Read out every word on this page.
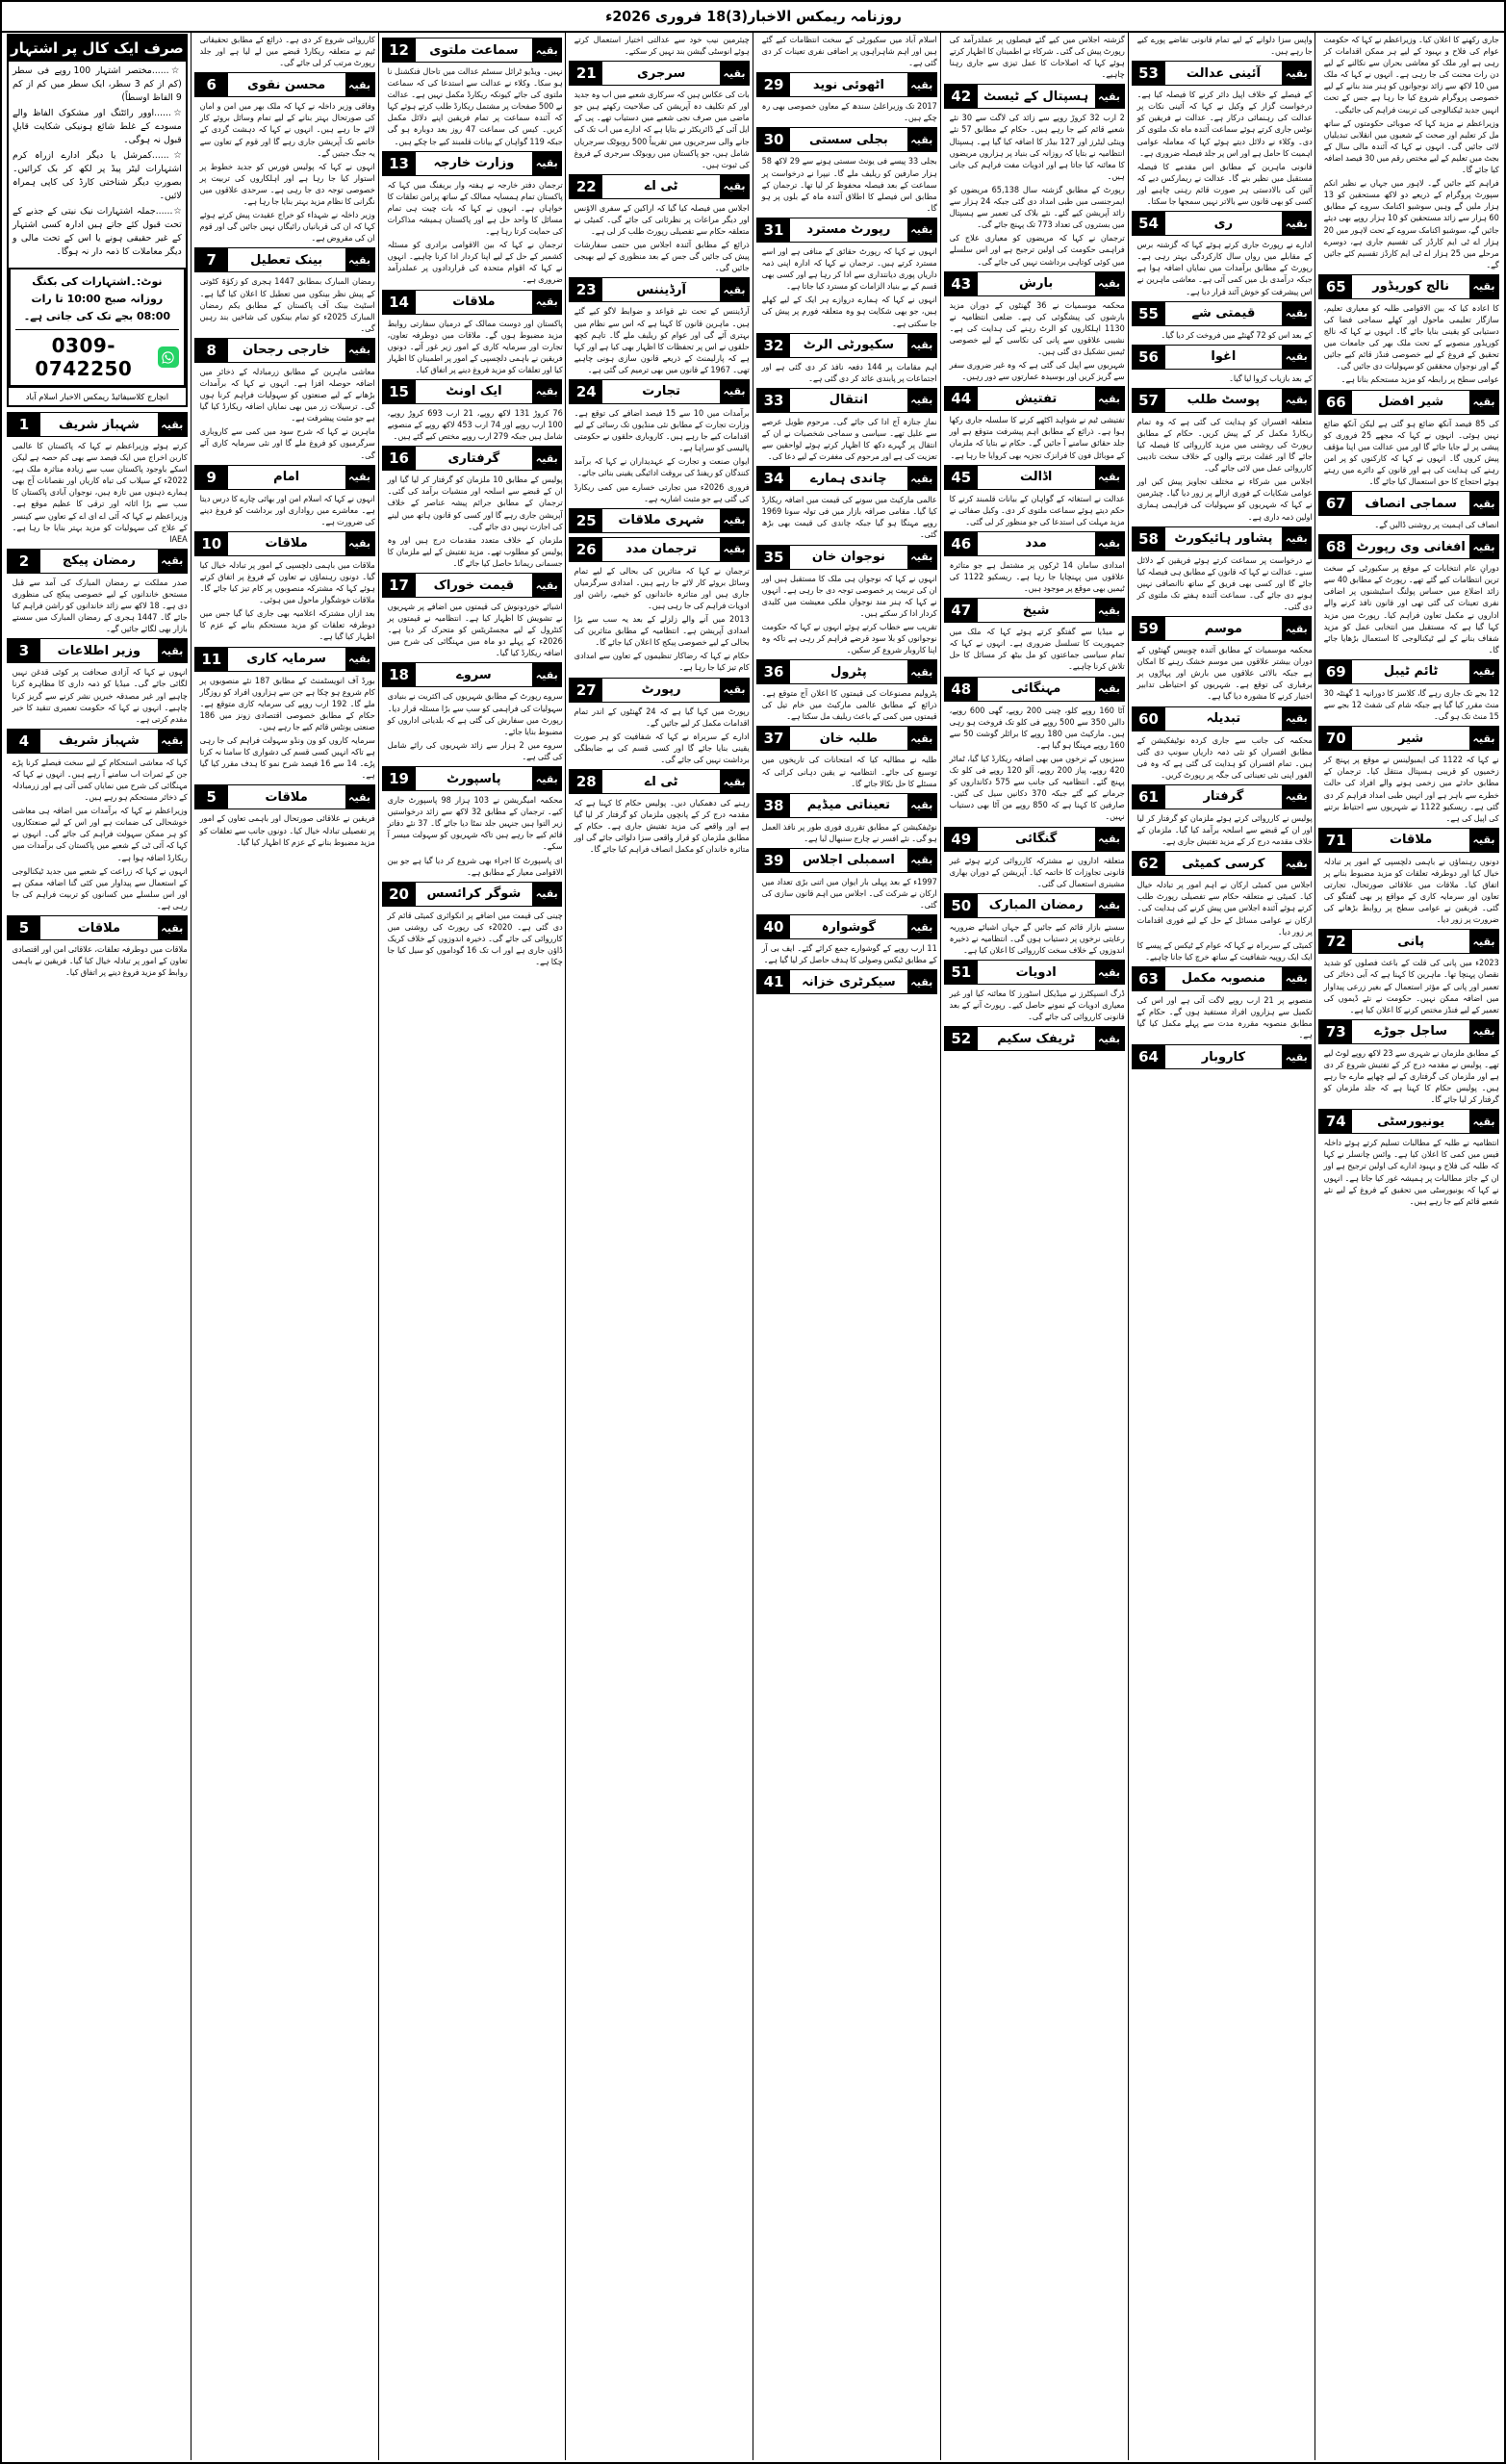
روزنامہ ریمکس الاخبار(3)18 فروری 2026ء

جاری رکھنے کا اعلان کیا۔ وزیراعظم نے کہا کہ حکومت عوام کی فلاح و بہبود کے لیے ہر ممکن اقدامات کر رہی ہے اور ملک کو معاشی بحران سے نکالنے کے لیے دن رات محنت کی جا رہی ہے۔ انہوں نے کہا کہ ملک میں 10 لاکھ سے زائد نوجوانوں کو ہنر مند بنانے کے لیے خصوصی پروگرام شروع کیا جا رہا ہے جس کے تحت انہیں جدید ٹیکنالوجی کی تربیت فراہم کی جائیگی۔

وزیراعظم نے مزید کہا کہ صوبائی حکومتوں کے ساتھ مل کر تعلیم اور صحت کے شعبوں میں انقلابی تبدیلیاں لائی جائیں گی۔ انہوں نے کہا کہ آئندہ مالی سال کے بجٹ میں تعلیم کے لیے مختص رقم میں 30 فیصد اضافہ کیا جائے گا۔

فراہم کئے جائیں گے۔ لاہور میں جہاں بے نظیر انکم سپورٹ پروگرام کے ذریعے دو لاکھ مستحقین کو 13 ہزار ملیں گے وہیں سوشیو اکنامک سروے کے مطابق 60 ہزار سے زائد مستحقین کو 10 ہزار روپے بھی دیئے جائیں گے، سوشیو اکنامک سروے کے تحت لاہور میں 20 ہزار اے ٹی ایم کارڈز کی تقسیم جاری ہے، دوسرے مرحلے میں 25 ہزار اے ٹی ایم کارڈز تقسیم کئے جائیں گے۔

بقیہ
نالج کوریڈور
65

کا اعادہ کیا کہ بین الاقوامی طلبہ کو معیاری تعلیم، سازگار تعلیمی ماحول اور کھلے سماجی فضا کی دستیابی کو یقینی بنایا جائے گا۔ انہوں نے کہا کہ نالج کوریڈور منصوبے کے تحت ملک بھر کی جامعات میں تحقیق کے فروغ کے لیے خصوصی فنڈز قائم کیے جائیں گے اور نوجوان محققین کو سہولیات دی جائیں گی۔

عوامی سطح پر رابطہ کو مزید مستحکم بنانا ہے۔

بقیہ
شیر افضل
66

کی 85 فیصد آنکھ ضائع ہو گئی ہے لیکن آنکھ ضائع نہیں ہوئی۔ انہوں نے کہا کہ مجھے 25 فروری کو پیشی پر لے جایا جائے گا اور میں عدالت میں اپنا مؤقف پیش کروں گا۔ انہوں نے کہا کہ کارکنوں کو پر امن رہنے کی ہدایت کی ہے اور قانون کے دائرے میں رہتے ہوئے احتجاج کا حق استعمال کیا جائے گا۔

بقیہ
سماجی انصاف
67

انصاف کی اہمیت پر روشنی ڈالیں گے۔

بقیہ
افغانی وی رپورٹ
68

دورانِ عام انتخابات کے موقع پر سکیورٹی کے سخت ترین انتظامات کیے گئے تھے۔ رپورٹ کے مطابق 40 سے زائد اضلاع میں حساس پولنگ اسٹیشنوں پر اضافی نفری تعینات کی گئی تھی اور قانون نافذ کرنے والے اداروں نے مکمل تعاون فراہم کیا۔ رپورٹ میں مزید کہا گیا ہے کہ مستقبل میں انتخابی عمل کو مزید شفاف بنانے کے لیے ٹیکنالوجی کا استعمال بڑھایا جائے گا۔

بقیہ
ٹائم ٹیبل
69

12 بجے تک جاری رہے گا، کلاسز کا دورانیہ 1 گھنٹہ 30 منٹ مقرر کیا گیا ہے جبکہ شام کی شفٹ 12 بجے سے 15 منٹ تک ہو گی۔

بقیہ
شیر
70

نے کہا کہ 1122 کی ایمبولینس نے موقع پر پہنچ کر زخمیوں کو قریبی ہسپتال منتقل کیا۔ ترجمان کے مطابق حادثے میں زخمی ہونے والے افراد کی حالت خطرے سے باہر ہے اور انہیں طبی امداد فراہم کر دی گئی ہے۔ ریسکیو 1122 نے شہریوں سے احتیاط برتنے کی اپیل کی ہے۔

بقیہ
ملاقات
71

دونوں رہنماؤں نے باہمی دلچسپی کے امور پر تبادلہ خیال کیا اور دوطرفہ تعلقات کو مزید مضبوط بنانے پر اتفاق کیا۔ ملاقات میں علاقائی صورتحال، تجارتی تعاون اور سرمایہ کاری کے مواقع پر بھی گفتگو کی گئی۔ فریقین نے عوامی سطح پر روابط بڑھانے کی ضرورت پر زور دیا۔

بقیہ
پانی
72

2023ء میں پانی کی قلت کے باعث فصلوں کو شدید نقصان پہنچا تھا۔ ماہرین کا کہنا ہے کہ آبی ذخائر کی تعمیر اور پانی کے مؤثر استعمال کے بغیر زرعی پیداوار میں اضافہ ممکن نہیں۔ حکومت نے نئے ڈیموں کی تعمیر کے لیے فنڈز مختص کرنے کا اعلان کیا ہے۔

بقیہ
ساجل جوڑے
73

کے مطابق ملزمان نے شہری سے 23 لاکھ روپے لوٹ لیے تھے۔ پولیس نے مقدمہ درج کر کے تفتیش شروع کر دی ہے اور ملزمان کی گرفتاری کے لیے چھاپے مارے جا رہے ہیں۔ پولیس حکام کا کہنا ہے کہ جلد ملزمان کو گرفتار کر لیا جائے گا۔

بقیہ
یونیورسٹی
74

انتظامیہ نے طلبہ کے مطالبات تسلیم کرتے ہوئے داخلہ فیس میں کمی کا اعلان کیا ہے۔ وائس چانسلر نے کہا کہ طلبہ کی فلاح و بہبود ادارے کی اولین ترجیح ہے اور ان کے جائز مطالبات پر ہمیشہ غور کیا جاتا ہے۔ انہوں نے کہا کہ یونیورسٹی میں تحقیق کے فروغ کے لیے نئے شعبے قائم کیے جا رہے ہیں۔

واپس سزا دلوانے کے لیے تمام قانونی تقاضے پورے کیے جا رہے ہیں۔

بقیہ
آئینی عدالت
53

کے فیصلے کے خلاف اپیل دائر کرنے کا فیصلہ کیا ہے۔ درخواست گزار کے وکیل نے کہا کہ آئینی نکات پر عدالت کی رہنمائی درکار ہے۔ عدالت نے فریقین کو نوٹس جاری کرتے ہوئے سماعت آئندہ ماہ تک ملتوی کر دی۔ وکلاء نے دلائل دیتے ہوئے کہا کہ معاملہ عوامی اہمیت کا حامل ہے اور اس پر جلد فیصلہ ضروری ہے۔

قانونی ماہرین کے مطابق اس مقدمے کا فیصلہ مستقبل میں نظیر بنے گا۔ عدالت نے ریمارکس دیے کہ آئین کی بالادستی ہر صورت قائم رہنی چاہیے اور کسی کو بھی قانون سے بالاتر نہیں سمجھا جا سکتا۔

بقیہ
ری
54

ادارے نے رپورٹ جاری کرتے ہوئے کہا کہ گزشتہ برس کے مقابلے میں رواں سال کارکردگی بہتر رہی ہے۔ رپورٹ کے مطابق برآمدات میں نمایاں اضافہ ہوا ہے جبکہ درآمدی بل میں کمی آئی ہے۔ معاشی ماہرین نے اس پیشرفت کو خوش آئند قرار دیا ہے۔

بقیہ
قیمتی شے
55

کے بعد اس کو 72 گھنٹے میں فروخت کر دیا گیا۔

بقیہ
اغوا
56

کے بعد بازیاب کروا لیا گیا۔

بقیہ
پوسٹ طلب
57

متعلقہ افسران کو ہدایت کی گئی ہے کہ وہ تمام ریکارڈ مکمل کر کے پیش کریں۔ حکام کے مطابق رپورٹ کی روشنی میں مزید کارروائی کا فیصلہ کیا جائے گا اور غفلت برتنے والوں کے خلاف سخت تادیبی کارروائی عمل میں لائی جائے گی۔

اجلاس میں شرکاء نے مختلف تجاویز پیش کیں اور عوامی شکایات کے فوری ازالے پر زور دیا گیا۔ چیئرمین نے کہا کہ شہریوں کو سہولیات کی فراہمی ہماری اولین ذمہ داری ہے۔

بقیہ
پشاور ہائیکورٹ
58

نے درخواست پر سماعت کرتے ہوئے فریقین کے دلائل سنے۔ عدالت نے کہا کہ قانون کے مطابق ہی فیصلہ کیا جائے گا اور کسی بھی فریق کے ساتھ ناانصافی نہیں ہونے دی جائے گی۔ سماعت آئندہ ہفتے تک ملتوی کر دی گئی۔

بقیہ
موسم
59

محکمہ موسمیات کے مطابق آئندہ چوبیس گھنٹوں کے دوران بیشتر علاقوں میں موسم خشک رہنے کا امکان ہے جبکہ بالائی علاقوں میں بارش اور پہاڑوں پر برفباری کی توقع ہے۔ شہریوں کو احتیاطی تدابیر اختیار کرنے کا مشورہ دیا گیا ہے۔

بقیہ
تبدیلہ
60

محکمہ کی جانب سے جاری کردہ نوٹیفکیشن کے مطابق افسران کو نئی ذمہ داریاں سونپ دی گئی ہیں۔ تمام افسران کو ہدایت کی گئی ہے کہ وہ فی الفور اپنی نئی تعیناتی کی جگہ پر رپورٹ کریں۔

بقیہ
گرفتار
61

پولیس نے کارروائی کرتے ہوئے ملزمان کو گرفتار کر لیا اور ان کے قبضے سے اسلحہ برآمد کیا گیا۔ ملزمان کے خلاف مقدمہ درج کر کے مزید تفتیش جاری ہے۔

بقیہ
کرسی کمیٹی
62

اجلاس میں کمیٹی ارکان نے اہم امور پر تبادلہ خیال کیا۔ کمیٹی نے متعلقہ حکام سے تفصیلی رپورٹ طلب کرتے ہوئے آئندہ اجلاس میں پیش کرنے کی ہدایت کی۔ ارکان نے عوامی مسائل کے حل کے لیے فوری اقدامات پر زور دیا۔

کمیٹی کے سربراہ نے کہا کہ عوام کے ٹیکس کے پیسے کا ایک ایک روپیہ شفافیت کے ساتھ خرچ کیا جانا چاہیے۔

بقیہ
منصوبہ مکمل
63

منصوبے پر 21 ارب روپے لاگت آئی ہے اور اس کی تکمیل سے ہزاروں افراد مستفید ہوں گے۔ حکام کے مطابق منصوبہ مقررہ مدت سے پہلے مکمل کیا گیا ہے۔

بقیہ
کاروبار
64

گزشتہ اجلاس میں کیے گئے فیصلوں پر عملدرآمد کی رپورٹ پیش کی گئی۔ شرکاء نے اطمینان کا اظہار کرتے ہوئے کہا کہ اصلاحات کا عمل تیزی سے جاری رہنا چاہیے۔

بقیہ
ہسپتال کے ٹیسٹ
42

2 ارب 32 کروڑ روپے سے زائد کی لاگت سے 30 نئے شعبے قائم کیے جا رہے ہیں۔ حکام کے مطابق 57 نئے وینٹی لیٹرز اور 127 بیڈز کا اضافہ کیا گیا ہے۔ ہسپتال انتظامیہ نے بتایا کہ روزانہ کی بنیاد پر ہزاروں مریضوں کا معائنہ کیا جاتا ہے اور ادویات مفت فراہم کی جاتی ہیں۔

رپورٹ کے مطابق گزشتہ سال 65,138 مریضوں کو ایمرجنسی میں طبی امداد دی گئی جبکہ 24 ہزار سے زائد آپریشن کیے گئے۔ نئے بلاک کی تعمیر سے ہسپتال میں بستروں کی تعداد 773 تک پہنچ جائے گی۔

ترجمان نے کہا کہ مریضوں کو معیاری علاج کی فراہمی حکومت کی اولین ترجیح ہے اور اس سلسلے میں کوئی کوتاہی برداشت نہیں کی جائے گی۔

بقیہ
بارش
43

محکمہ موسمیات نے 36 گھنٹوں کے دوران مزید بارشوں کی پیشگوئی کی ہے۔ ضلعی انتظامیہ نے 1130 اہلکاروں کو الرٹ رہنے کی ہدایت کی ہے۔ نشیبی علاقوں سے پانی کی نکاسی کے لیے خصوصی ٹیمیں تشکیل دی گئی ہیں۔

شہریوں سے اپیل کی گئی ہے کہ وہ غیر ضروری سفر سے گریز کریں اور بوسیدہ عمارتوں سے دور رہیں۔

بقیہ
تفتیش
44

تفتیشی ٹیم نے شواہد اکٹھے کرنے کا سلسلہ جاری رکھا ہوا ہے۔ ذرائع کے مطابق اہم پیشرفت متوقع ہے اور جلد حقائق سامنے آ جائیں گے۔ حکام نے بتایا کہ ملزمان کے موبائل فون کا فرانزک تجزیہ بھی کروایا جا رہا ہے۔

بقیہ
اڈالت
45

عدالت نے استغاثہ کے گواہان کے بیانات قلمبند کرنے کا حکم دیتے ہوئے سماعت ملتوی کر دی۔ وکیل صفائی نے مزید مہلت کی استدعا کی جو منظور کر لی گئی۔

بقیہ
مدد
46

امدادی سامان 14 ٹرکوں پر مشتمل ہے جو متاثرہ علاقوں میں پہنچایا جا رہا ہے۔ ریسکیو 1122 کی ٹیمیں بھی موقع پر موجود ہیں۔

بقیہ
شیخ
47

نے میڈیا سے گفتگو کرتے ہوئے کہا کہ ملک میں جمہوریت کا تسلسل ضروری ہے۔ انہوں نے کہا کہ تمام سیاسی جماعتوں کو مل بیٹھ کر مسائل کا حل تلاش کرنا چاہیے۔

بقیہ
مہنگائی
48

آٹا 160 روپے کلو، چینی 200 روپے، گھی 600 روپے، دالیں 350 سے 500 روپے فی کلو تک فروخت ہو رہی ہیں۔ مارکیٹ میں 180 روپے کا برائلر گوشت 50 سے 160 روپے مہنگا ہو گیا ہے۔

سبزیوں کے نرخوں میں بھی اضافہ ریکارڈ کیا گیا، ٹماٹر 420 روپے، پیاز 200 روپے، آلو 120 روپے فی کلو تک پہنچ گئے۔ انتظامیہ کی جانب سے 575 دکانداروں کو جرمانے کیے گئے جبکہ 370 دکانیں سیل کی گئیں۔ صارفین کا کہنا ہے کہ 850 روپے من آٹا بھی دستیاب نہیں۔

بقیہ
گنگائی
49

متعلقہ اداروں نے مشترکہ کارروائی کرتے ہوئے غیر قانونی تجاوزات کا خاتمہ کیا۔ آپریشن کے دوران بھاری مشینری استعمال کی گئی۔

بقیہ
رمضان المبارک
50

سستے بازار قائم کیے جائیں گے جہاں اشیائے ضروریہ رعایتی نرخوں پر دستیاب ہوں گی۔ انتظامیہ نے ذخیرہ اندوزوں کے خلاف سخت کارروائی کا اعلان کیا ہے۔

بقیہ
ادویات
51

ڈرگ انسپکٹرز نے میڈیکل اسٹورز کا معائنہ کیا اور غیر معیاری ادویات کے نمونے حاصل کیے۔ رپورٹ آنے کے بعد قانونی کارروائی کی جائے گی۔

بقیہ
ٹریفک سکیم
52

اسلام آباد میں سکیورٹی کے سخت انتظامات کیے گئے ہیں اور اہم شاہراہوں پر اضافی نفری تعینات کر دی گئی ہے۔

بقیہ
اٹھوئی نوید
29

2017 تک وزیراعلیٰ سندھ کے معاون خصوصی بھی رہ چکے ہیں۔

بقیہ
بجلی سستی
30

بجلی 33 پیسے فی یونٹ سستی ہونے سے 29 لاکھ 58 ہزار صارفین کو ریلیف ملے گا۔ نیپرا نے درخواست پر سماعت کے بعد فیصلہ محفوظ کر لیا تھا۔ ترجمان کے مطابق اس فیصلے کا اطلاق آئندہ ماہ کے بلوں پر ہو گا۔

بقیہ
رپورٹ مسترد
31

انہوں نے کہا کہ رپورٹ حقائق کے منافی ہے اور اسے مسترد کرتے ہیں۔ ترجمان نے کہا کہ ادارہ اپنی ذمہ داریاں پوری دیانتداری سے ادا کر رہا ہے اور کسی بھی قسم کے بے بنیاد الزامات کو مسترد کیا جاتا ہے۔

انہوں نے کہا کہ ہمارے دروازے ہر ایک کے لیے کھلے ہیں، جو بھی شکایت ہو وہ متعلقہ فورم پر پیش کی جا سکتی ہے۔

بقیہ
سکیورٹی الرٹ
32

اہم مقامات پر 144 دفعہ نافذ کر دی گئی ہے اور اجتماعات پر پابندی عائد کر دی گئی ہے۔

بقیہ
انتقال
33

نمازِ جنازہ آج ادا کی جائے گی۔ مرحوم طویل عرصے سے علیل تھے۔ سیاسی و سماجی شخصیات نے ان کے انتقال پر گہرے دکھ کا اظہار کرتے ہوئے لواحقین سے تعزیت کی ہے اور مرحوم کی مغفرت کے لیے دعا کی۔

بقیہ
چاندی ہمارے
34

عالمی مارکیٹ میں سونے کی قیمت میں اضافہ ریکارڈ کیا گیا۔ مقامی صرافہ بازار میں فی تولہ سونا 1969 روپے مہنگا ہو گیا جبکہ چاندی کی قیمت بھی بڑھ گئی۔

بقیہ
نوجوان خان
35

انہوں نے کہا کہ نوجوان ہی ملک کا مستقبل ہیں اور ان کی تربیت پر خصوصی توجہ دی جا رہی ہے۔ انہوں نے کہا کہ ہنر مند نوجوان ملکی معیشت میں کلیدی کردار ادا کر سکتے ہیں۔

تقریب سے خطاب کرتے ہوئے انہوں نے کہا کہ حکومت نوجوانوں کو بلا سود قرضے فراہم کر رہی ہے تاکہ وہ اپنا کاروبار شروع کر سکیں۔

بقیہ
پٹرول
36

پٹرولیم مصنوعات کی قیمتوں کا اعلان آج متوقع ہے۔ ذرائع کے مطابق عالمی مارکیٹ میں خام تیل کی قیمتوں میں کمی کے باعث ریلیف مل سکتا ہے۔

بقیہ
طلبہ خان
37

طلبہ نے مطالبہ کیا کہ امتحانات کی تاریخوں میں توسیع کی جائے۔ انتظامیہ نے یقین دہانی کرائی کہ مسئلے کا حل نکالا جائے گا۔

بقیہ
تعیناتی میڈیم
38

نوٹیفکیشن کے مطابق تقرری فوری طور پر نافذ العمل ہو گی۔ نئے افسر نے چارج سنبھال لیا ہے۔

بقیہ
اسمبلی اجلاس
39

1997ء کے بعد پہلی بار ایوان میں اتنی بڑی تعداد میں ارکان نے شرکت کی۔ اجلاس میں اہم قانون سازی کی گئی۔

بقیہ
گوشوارہ
40

11 ارب روپے کے گوشوارے جمع کرائے گئے۔ ایف بی آر کے مطابق ٹیکس وصولی کا ہدف حاصل کر لیا گیا ہے۔

بقیہ
سیکرٹری خزانہ
41

چیئرمین نیب خود سے عدالتی اختیار استعمال کرتے ہوئے انوسٹی گیشن بند نہیں کر سکتے۔

بقیہ
سرجری
21

بات کی عکاس ہیں کہ سرکاری شعبے میں اب وہ جدید اور کم تکلیف دہ آپریشن کی صلاحیت رکھتے ہیں جو ماضی میں صرف نجی شعبے میں دستیاب تھے۔ پی کے ایل آئی کے ڈائریکٹر نے بتایا ہے کہ ادارے میں اب تک کی جانے والی سرجریوں میں تقریباً 500 روبوٹک سرجریاں شامل ہیں، جو پاکستان میں روبوٹک سرجری کے فروغ کی ثبوت ہیں۔

بقیہ
ٹی اے
22

اجلاس میں فیصلہ کیا گیا کہ اراکین کے سفری الاؤنس اور دیگر مراعات پر نظرثانی کی جائے گی۔ کمیٹی نے متعلقہ حکام سے تفصیلی رپورٹ طلب کر لی ہے۔

ذرائع کے مطابق آئندہ اجلاس میں حتمی سفارشات پیش کی جائیں گی جس کے بعد منظوری کے لیے بھیجی جائیں گی۔

بقیہ
آرڈیننس
23

آرڈیننس کے تحت نئے قواعد و ضوابط لاگو کیے گئے ہیں۔ ماہرین قانون کا کہنا ہے کہ اس سے نظام میں بہتری آئے گی اور عوام کو ریلیف ملے گا۔ تاہم کچھ حلقوں نے اس پر تحفظات کا اظہار بھی کیا ہے اور کہا ہے کہ پارلیمنٹ کے ذریعے قانون سازی ہونی چاہیے تھی۔ 1967 کے قانون میں بھی ترمیم کی گئی ہے۔

بقیہ
تجارت
24

برآمدات میں 10 سے 15 فیصد اضافے کی توقع ہے۔ وزارت تجارت کے مطابق نئی منڈیوں تک رسائی کے لیے اقدامات کیے جا رہے ہیں۔ کاروباری حلقوں نے حکومتی پالیسی کو سراہا ہے۔

ایوان صنعت و تجارت کے عہدیداران نے کہا کہ برآمد کنندگان کو ریفنڈ کی بروقت ادائیگی یقینی بنائی جائے۔

فروری 2026ء میں تجارتی خسارے میں کمی ریکارڈ کی گئی ہے جو مثبت اشاریہ ہے۔

بقیہ
شہری ملاقات
25
بقیہ
ترجمان مدد
26

ترجمان نے کہا کہ متاثرین کی بحالی کے لیے تمام وسائل بروئے کار لائے جا رہے ہیں۔ امدادی سرگرمیاں جاری ہیں اور متاثرہ خاندانوں کو خیمے، راشن اور ادویات فراہم کی جا رہی ہیں۔

2013 میں آنے والے زلزلے کے بعد یہ سب سے بڑا امدادی آپریشن ہے۔ انتظامیہ کے مطابق متاثرین کی بحالی کے لیے خصوصی پیکج کا اعلان کیا جائے گا۔

حکام نے کہا کہ رضاکار تنظیموں کے تعاون سے امدادی کام تیز کیا جا رہا ہے۔

بقیہ
رپورٹ
27

رپورٹ میں کہا گیا ہے کہ 24 گھنٹوں کے اندر تمام اقدامات مکمل کر لیے جائیں گے۔

ادارے کے سربراہ نے کہا کہ شفافیت کو ہر صورت یقینی بنایا جائے گا اور کسی قسم کی بے ضابطگی برداشت نہیں کی جائے گی۔

بقیہ
ٹی اے
28

رہنے کی دھمکیاں دیں۔ پولیس حکام کا کہنا ہے کہ مقدمہ درج کر کے پانچوں ملزمان کو گرفتار کر لیا گیا ہے اور واقعے کی مزید تفتیش جاری ہے۔ حکام کے مطابق ملزمان کو قرار واقعی سزا دلوائی جائے گی اور متاثرہ خاندان کو مکمل انصاف فراہم کیا جائے گا۔

بقیہ
سماعت ملتوی
12

نہیں۔ ویڈیو ٹرائل سسٹم عدالت میں تاحال فنکشنل نا ہو سکا۔ وکلاء نے عدالت سے استدعا کی کہ سماعت ملتوی کی جائے کیونکہ ریکارڈ مکمل نہیں ہے۔ عدالت نے 500 صفحات پر مشتمل ریکارڈ طلب کرتے ہوئے کہا کہ آئندہ سماعت پر تمام فریقین اپنے دلائل مکمل کریں۔ کیس کی سماعت 47 روز بعد دوبارہ ہو گی جبکہ 119 گواہان کے بیانات قلمبند کیے جا چکے ہیں۔

بقیہ
وزارت خارجہ
13

ترجمان دفتر خارجہ نے ہفتہ وار بریفنگ میں کہا کہ پاکستان تمام ہمسایہ ممالک کے ساتھ پرامن تعلقات کا خواہاں ہے۔ انہوں نے کہا کہ بات چیت ہی تمام مسائل کا واحد حل ہے اور پاکستان ہمیشہ مذاکرات کی حمایت کرتا رہا ہے۔

ترجمان نے کہا کہ بین الاقوامی برادری کو مسئلہ کشمیر کے حل کے لیے اپنا کردار ادا کرنا چاہیے۔ انہوں نے کہا کہ اقوام متحدہ کی قراردادوں پر عملدرآمد ضروری ہے۔

بقیہ
ملاقات
14

پاکستان اور دوست ممالک کے درمیان سفارتی روابط مزید مضبوط ہوں گے۔ ملاقات میں دوطرفہ تعاون، تجارت اور سرمایہ کاری کے امور زیر غور آئے۔ دونوں فریقین نے باہمی دلچسپی کے امور پر اطمینان کا اظہار کیا اور تعلقات کو مزید فروغ دینے پر اتفاق کیا۔

بقیہ
ایک اونٹ
15

76 کروڑ 131 لاکھ روپے، 21 ارب 693 کروڑ روپے، 100 ارب روپے اور 74 ارب 453 لاکھ روپے کے منصوبے شامل ہیں جبکہ 279 ارب روپے مختص کیے گئے ہیں۔

بقیہ
گرفتاری
16

پولیس کے مطابق 10 ملزمان کو گرفتار کر لیا گیا اور ان کے قبضے سے اسلحہ اور منشیات برآمد کی گئی۔ ترجمان کے مطابق جرائم پیشہ عناصر کے خلاف آپریشن جاری رہے گا اور کسی کو قانون ہاتھ میں لینے کی اجازت نہیں دی جائے گی۔

ملزمان کے خلاف متعدد مقدمات درج ہیں اور وہ پولیس کو مطلوب تھے۔ مزید تفتیش کے لیے ملزمان کا جسمانی ریمانڈ حاصل کیا جائے گا۔

بقیہ
قیمت خوراک
17

اشیائے خوردونوش کی قیمتوں میں اضافے پر شہریوں نے تشویش کا اظہار کیا ہے۔ انتظامیہ نے قیمتوں پر کنٹرول کے لیے مجسٹریٹس کو متحرک کر دیا ہے۔ 2026ء کے پہلے دو ماہ میں مہنگائی کی شرح میں اضافہ ریکارڈ کیا گیا۔

بقیہ
سروے
18

سروے رپورٹ کے مطابق شہریوں کی اکثریت نے بنیادی سہولیات کی فراہمی کو سب سے بڑا مسئلہ قرار دیا۔ رپورٹ میں سفارش کی گئی ہے کہ بلدیاتی اداروں کو مضبوط بنایا جائے۔

سروے میں 2 ہزار سے زائد شہریوں کی رائے شامل کی گئی ہے۔

بقیہ
پاسپورٹ
19

محکمہ امیگریشن نے 103 ہزار 98 پاسپورٹ جاری کیے۔ ترجمان کے مطابق 32 لاکھ سے زائد درخواستیں زیر التوا ہیں جنہیں جلد نمٹا دیا جائے گا۔ 37 نئے دفاتر قائم کیے جا رہے ہیں تاکہ شہریوں کو سہولت میسر آ سکے۔

ای پاسپورٹ کا اجراء بھی شروع کر دیا گیا ہے جو بین الاقوامی معیار کے مطابق ہے۔

بقیہ
شوگر کرائسس
20

چینی کی قیمت میں اضافے پر انکوائری کمیٹی قائم کر دی گئی ہے۔ 2020ء کی رپورٹ کی روشنی میں کارروائی کی جائے گی۔ ذخیرہ اندوزوں کے خلاف کریک ڈاؤن جاری ہے اور اب تک 16 گوداموں کو سیل کیا جا چکا ہے۔

کارروائی شروع کر دی ہے۔ ذرائع کے مطابق تحقیقاتی ٹیم نے متعلقہ ریکارڈ قبضے میں لے لیا ہے اور جلد رپورٹ مرتب کر لی جائے گی۔

بقیہ
محسن نقوی
6

وفاقی وزیر داخلہ نے کہا کہ ملک بھر میں امن و امان کی صورتحال بہتر بنانے کے لیے تمام وسائل بروئے کار لائے جا رہے ہیں۔ انہوں نے کہا کہ دہشت گردی کے خاتمے تک آپریشن جاری رہے گا اور قوم کے تعاون سے یہ جنگ جیتیں گے۔

انہوں نے کہا کہ پولیس فورس کو جدید خطوط پر استوار کیا جا رہا ہے اور اہلکاروں کی تربیت پر خصوصی توجہ دی جا رہی ہے۔ سرحدی علاقوں میں نگرانی کا نظام مزید بہتر بنایا جا رہا ہے۔

وزیر داخلہ نے شہداء کو خراج عقیدت پیش کرتے ہوئے کہا کہ ان کی قربانیاں رائیگاں نہیں جائیں گی اور قوم ان کی مقروض ہے۔

بقیہ
بینک تعطیل
7

رمضان المبارک بمطابق 1447 ہجری کو زکوٰۃ کٹوتی کے پیش نظر بینکوں میں تعطیل کا اعلان کیا گیا ہے۔ اسٹیٹ بینک آف پاکستان کے مطابق یکم رمضان المبارک 2025ء کو تمام بینکوں کی شاخیں بند رہیں گی۔

بقیہ
خارجی رجحان
8

معاشی ماہرین کے مطابق زرمبادلہ کے ذخائر میں اضافہ حوصلہ افزا ہے۔ انہوں نے کہا کہ برآمدات بڑھانے کے لیے صنعتوں کو سہولیات فراہم کرنا ہوں گی۔ ترسیلات زر میں بھی نمایاں اضافہ ریکارڈ کیا گیا ہے جو مثبت پیشرفت ہے۔

ماہرین نے کہا کہ شرح سود میں کمی سے کاروباری سرگرمیوں کو فروغ ملے گا اور نئی سرمایہ کاری آئے گی۔

بقیہ
امام
9

انہوں نے کہا کہ اسلام امن اور بھائی چارے کا درس دیتا ہے۔ معاشرے میں رواداری اور برداشت کو فروغ دینے کی ضرورت ہے۔

بقیہ
ملاقات
10

ملاقات میں باہمی دلچسپی کے امور پر تبادلہ خیال کیا گیا۔ دونوں رہنماؤں نے تعاون کے فروغ پر اتفاق کرتے ہوئے کہا کہ مشترکہ منصوبوں پر کام تیز کیا جائے گا۔ ملاقات خوشگوار ماحول میں ہوئی۔

بعد ازاں مشترکہ اعلامیہ بھی جاری کیا گیا جس میں دوطرفہ تعلقات کو مزید مستحکم بنانے کے عزم کا اظہار کیا گیا ہے۔

بقیہ
سرمایہ کاری
11

بورڈ آف انویسٹمنٹ کے مطابق 187 نئے منصوبوں پر کام شروع ہو چکا ہے جن سے ہزاروں افراد کو روزگار ملے گا۔ 192 ارب روپے کی سرمایہ کاری متوقع ہے۔ حکام کے مطابق خصوصی اقتصادی زونز میں 186 صنعتی یونٹس قائم کیے جا رہے ہیں۔

سرمایہ کاروں کو ون ونڈو سہولت فراہم کی جا رہی ہے تاکہ انہیں کسی قسم کی دشواری کا سامنا نہ کرنا پڑے۔ 14 سے 16 فیصد شرح نمو کا ہدف مقرر کیا گیا ہے۔

بقیہ
ملاقات
5

فریقین نے علاقائی صورتحال اور باہمی تعاون کے امور پر تفصیلی تبادلہ خیال کیا۔ دونوں جانب سے تعلقات کو مزید مضبوط بنانے کے عزم کا اظہار کیا گیا۔

صرف ایک کال پر اشتہار

☆......مختصر اشتہار 100 روپے فی سطر (کم از کم 3 سطر، ایک سطر میں کم از کم 9 الفاظ اوسطاً)

☆......اوور رائٹنگ اور مشکوک الفاظ والے مسودے کے غلط شائع ہونیکی شکایت قابلِ قبول نہ ہوگی۔

☆......کمرشل یا دیگر ادارے ازراہ کرم اشتہارات لیٹر پیڈ پر لکھ کر بک کرائیں۔ بصورتِ دیگر شناختی کارڈ کی کاپی ہمراہ لائیں۔

☆......جملہ اشتہارات نیک نیتی کے جذبے کے تحت قبول کئے جاتے ہیں ادارہ کسی اشتہار کے غیر حقیقی ہونے یا اس کے تحت مالی و دیگر معاملات کا ذمہ دار نہ ہوگا۔

نوٹ:۔اشتہارات کی بکنگ روزانہ صبح 10:00 تا رات 08:00 بجے تک کی جاتی ہے۔
0309-0742250
انچارج کلاسیفائیڈ ریمکس الاخبار اسلام آباد
بقیہ
شہباز شریف
1

کرتے ہوئے وزیراعظم نے کہا کہ پاکستان کا عالمی کاربن اخراج میں ایک فیصد سے بھی کم حصہ ہے لیکن اسکے باوجود پاکستان سب سے زیادہ متاثرہ ملک ہے، 2022ء کے سیلاب کی تباہ کاریاں اور نقصانات آج بھی ہمارے ذہنوں میں تازہ ہیں، نوجوان آبادی پاکستان کا سب سے بڑا اثاثہ اور ترقی کا عظیم موقع ہے۔ وزیراعظم نے کہا کہ آئی اے ای اے کے تعاون سے کینسر کے علاج کی سہولیات کو مزید بہتر بنایا جا رہا ہے۔ IAEA

بقیہ
رمضان پیکج
2

صدر مملکت نے رمضان المبارک کی آمد سے قبل مستحق خاندانوں کے لیے خصوصی پیکج کی منظوری دی ہے۔ 18 لاکھ سے زائد خاندانوں کو راشن فراہم کیا جائے گا۔ 1447 ہجری کے رمضان المبارک میں سستے بازار بھی لگائے جائیں گے۔

بقیہ
وزیر اطلاعات
3

انہوں نے کہا کہ آزادی صحافت پر کوئی قدغن نہیں لگائی جائے گی۔ میڈیا کو ذمہ داری کا مظاہرہ کرنا چاہیے اور غیر مصدقہ خبریں نشر کرنے سے گریز کرنا چاہیے۔ انہوں نے کہا کہ حکومت تعمیری تنقید کا خیر مقدم کرتی ہے۔

بقیہ
شہباز شریف
4

کہا کہ معاشی استحکام کے لیے سخت فیصلے کرنا پڑے جن کے ثمرات اب سامنے آ رہے ہیں۔ انہوں نے کہا کہ مہنگائی کی شرح میں نمایاں کمی آئی ہے اور زرمبادلہ کے ذخائر مستحکم ہو رہے ہیں۔

وزیراعظم نے کہا کہ برآمدات میں اضافہ ہی معاشی خوشحالی کی ضمانت ہے اور اس کے لیے صنعتکاروں کو ہر ممکن سہولت فراہم کی جائے گی۔ انہوں نے کہا کہ آئی ٹی کے شعبے میں پاکستان کی برآمدات میں ریکارڈ اضافہ ہوا ہے۔

انہوں نے کہا کہ زراعت کے شعبے میں جدید ٹیکنالوجی کے استعمال سے پیداوار میں کئی گنا اضافہ ممکن ہے اور اس سلسلے میں کسانوں کو تربیت فراہم کی جا رہی ہے۔

بقیہ
ملاقات
5

ملاقات میں دوطرفہ تعلقات، علاقائی امن اور اقتصادی تعاون کے امور پر تبادلہ خیال کیا گیا۔ فریقین نے باہمی روابط کو مزید فروغ دینے پر اتفاق کیا۔
